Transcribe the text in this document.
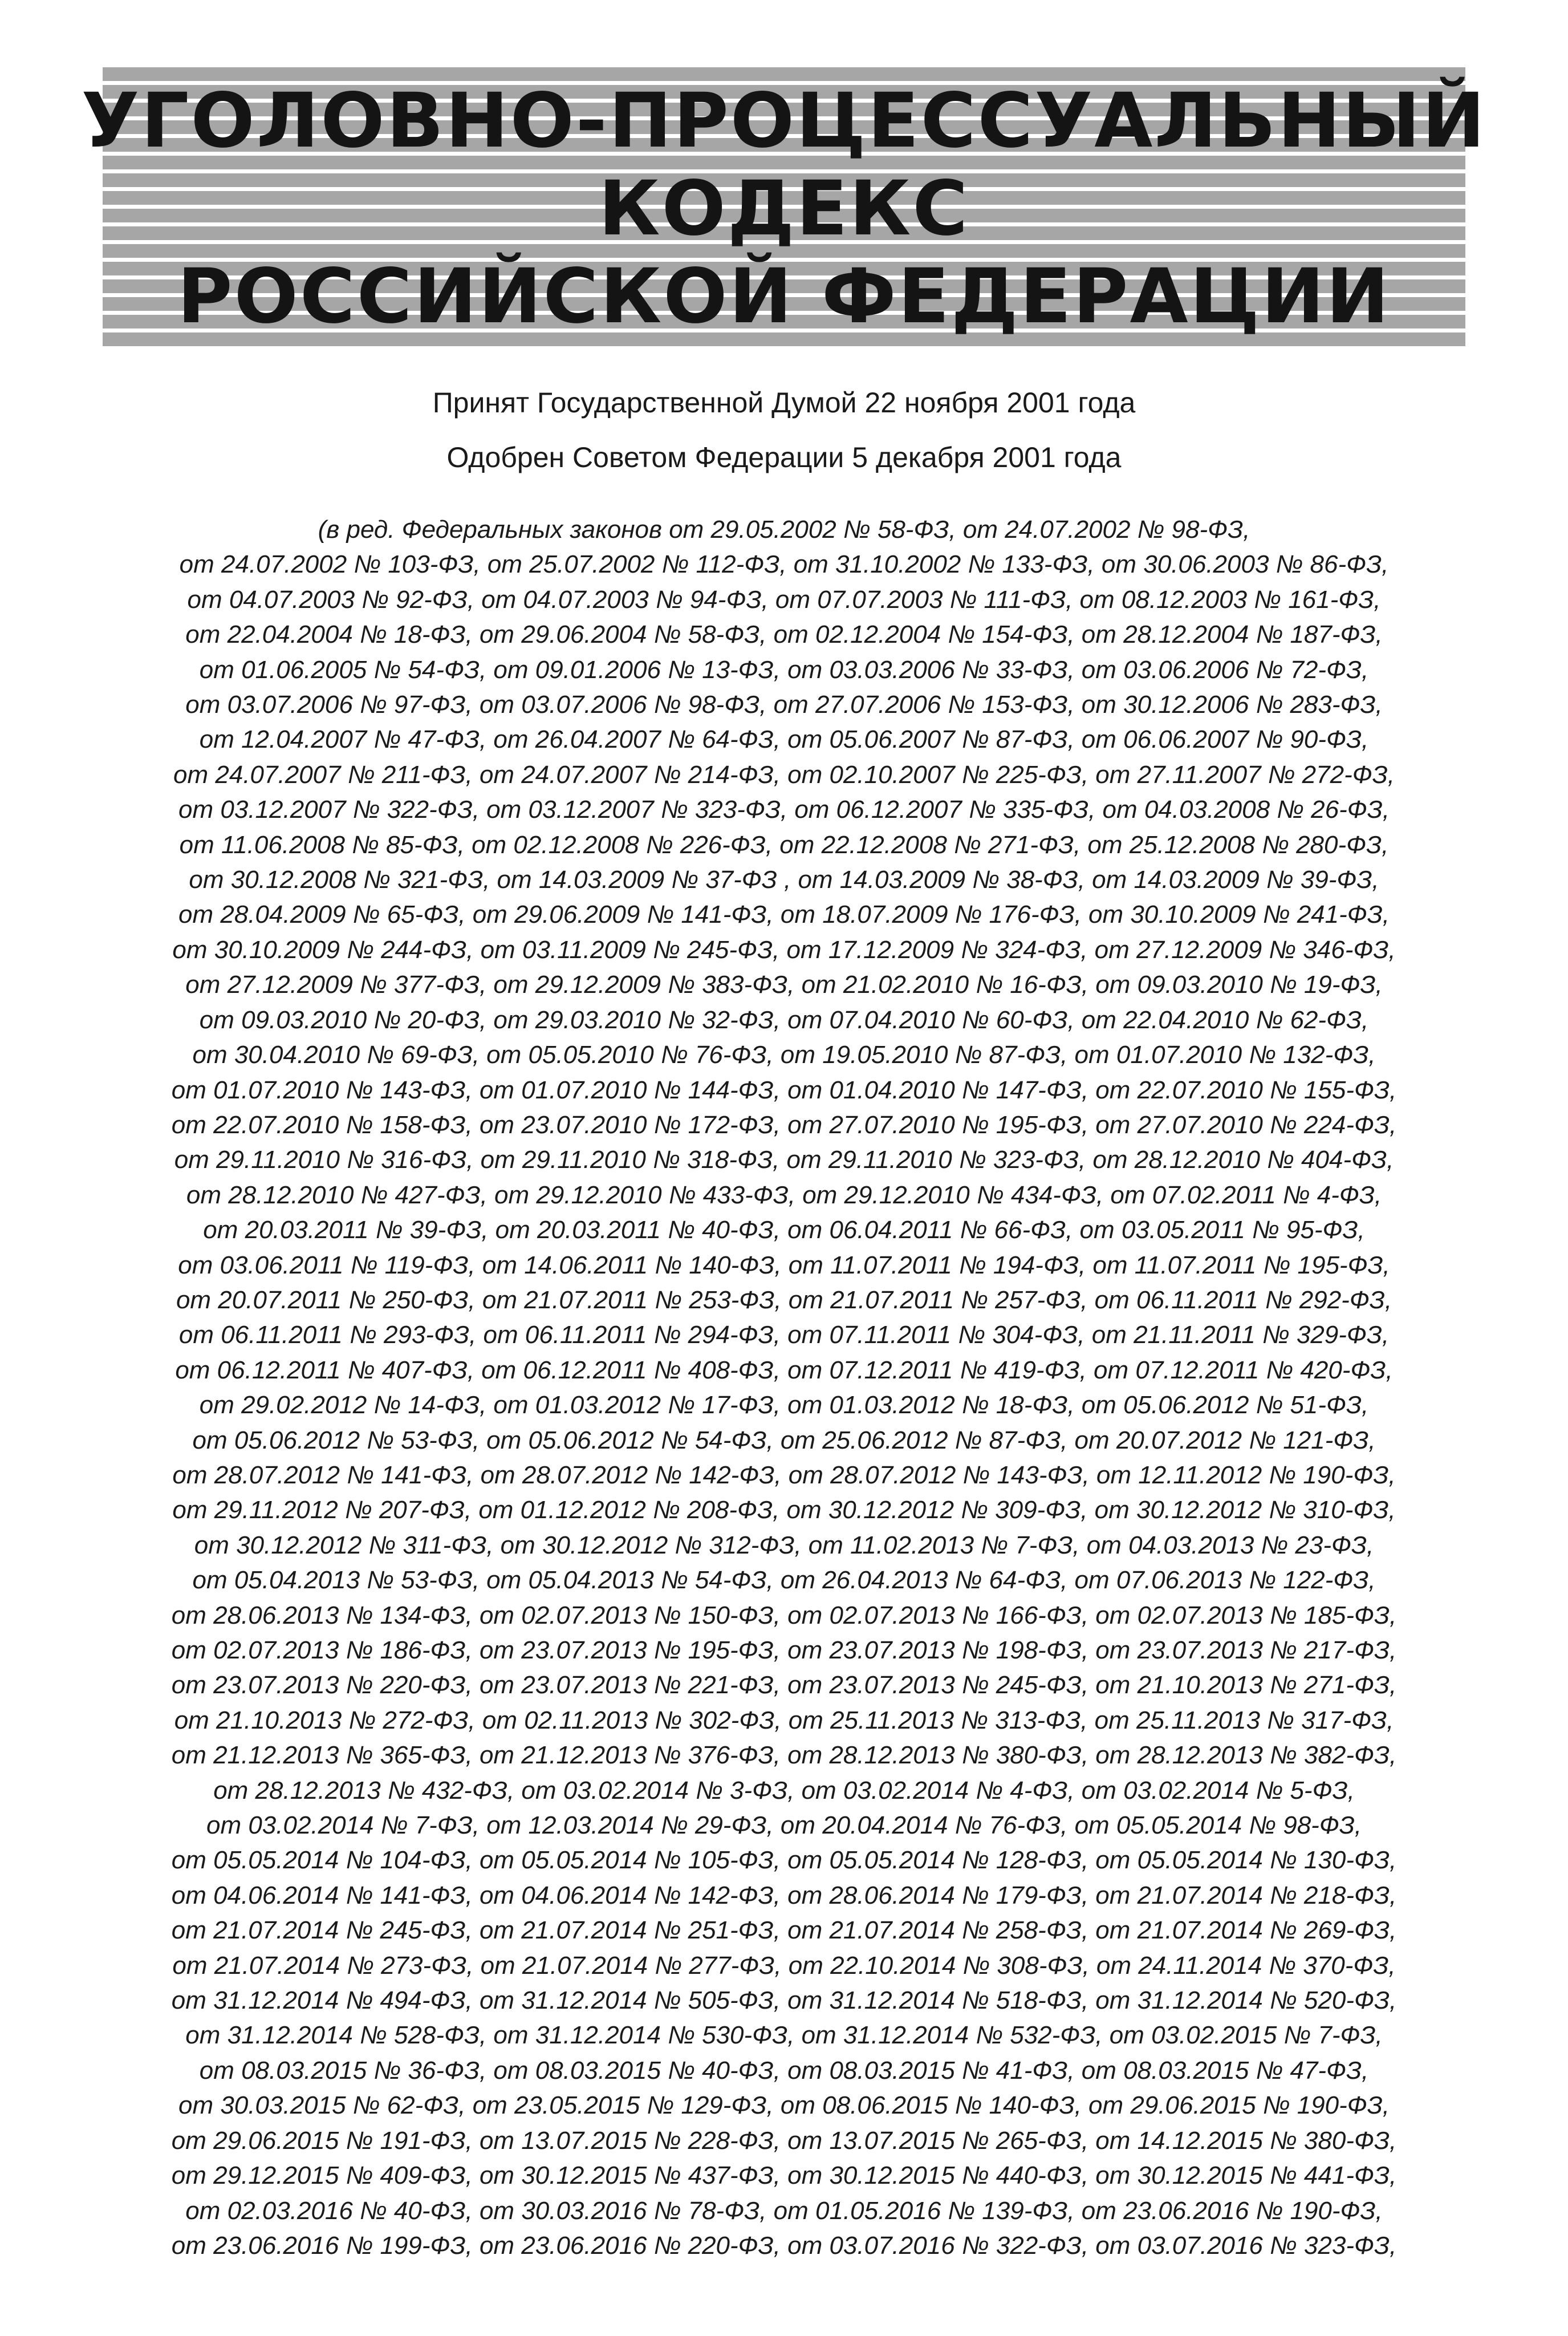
УГОЛОВНО-ПРОЦЕССУАЛЬНЫЙ
КОДЕКС
РОССИЙСКОЙ ФЕДЕРАЦИИ
Принят Государственной Думой 22 ноября 2001 года
Одобрен Советом Федерации 5 декабря 2001 года
(в ред. Федеральных законов от 29.05.2002 № 58-ФЗ, от 24.07.2002 № 98-ФЗ,
от 24.07.2002 № 103-ФЗ, от 25.07.2002 № 112-ФЗ, от 31.10.2002 № 133-ФЗ, от 30.06.2003 № 86-ФЗ,
от 04.07.2003 № 92-ФЗ, от 04.07.2003 № 94-ФЗ, от 07.07.2003 № 111-ФЗ, от 08.12.2003 № 161-ФЗ,
от 22.04.2004 № 18-ФЗ, от 29.06.2004 № 58-ФЗ, от 02.12.2004 № 154-ФЗ, от 28.12.2004 № 187-ФЗ,
от 01.06.2005 № 54-ФЗ, от 09.01.2006 № 13-ФЗ, от 03.03.2006 № 33-ФЗ, от 03.06.2006 № 72-ФЗ,
от 03.07.2006 № 97-ФЗ, от 03.07.2006 № 98-ФЗ, от 27.07.2006 № 153-ФЗ, от 30.12.2006 № 283-ФЗ,
от 12.04.2007 № 47-ФЗ, от 26.04.2007 № 64-ФЗ, от 05.06.2007 № 87-ФЗ, от 06.06.2007 № 90-ФЗ,
от 24.07.2007 № 211-ФЗ, от 24.07.2007 № 214-ФЗ, от 02.10.2007 № 225-ФЗ, от 27.11.2007 № 272-ФЗ,
от 03.12.2007 № 322-ФЗ, от 03.12.2007 № 323-ФЗ, от 06.12.2007 № 335-ФЗ, от 04.03.2008 № 26-ФЗ,
от 11.06.2008 № 85-ФЗ, от 02.12.2008 № 226-ФЗ, от 22.12.2008 № 271-ФЗ, от 25.12.2008 № 280-ФЗ,
от 30.12.2008 № 321-ФЗ, от 14.03.2009 № 37-ФЗ , от 14.03.2009 № 38-ФЗ, от 14.03.2009 № 39-ФЗ,
от 28.04.2009 № 65-ФЗ, от 29.06.2009 № 141-ФЗ, от 18.07.2009 № 176-ФЗ, от 30.10.2009 № 241-ФЗ,
от 30.10.2009 № 244-ФЗ, от 03.11.2009 № 245-ФЗ, от 17.12.2009 № 324-ФЗ, от 27.12.2009 № 346-ФЗ,
от 27.12.2009 № 377-ФЗ, от 29.12.2009 № 383-ФЗ, от 21.02.2010 № 16-ФЗ, от 09.03.2010 № 19-ФЗ,
от 09.03.2010 № 20-ФЗ, от 29.03.2010 № 32-ФЗ, от 07.04.2010 № 60-ФЗ, от 22.04.2010 № 62-ФЗ,
от 30.04.2010 № 69-ФЗ, от 05.05.2010 № 76-ФЗ, от 19.05.2010 № 87-ФЗ, от 01.07.2010 № 132-ФЗ,
от 01.07.2010 № 143-ФЗ, от 01.07.2010 № 144-ФЗ, от 01.04.2010 № 147-ФЗ, от 22.07.2010 № 155-ФЗ,
от 22.07.2010 № 158-ФЗ, от 23.07.2010 № 172-ФЗ, от 27.07.2010 № 195-ФЗ, от 27.07.2010 № 224-ФЗ,
от 29.11.2010 № 316-ФЗ, от 29.11.2010 № 318-ФЗ, от 29.11.2010 № 323-ФЗ, от 28.12.2010 № 404-ФЗ,
от 28.12.2010 № 427-ФЗ, от 29.12.2010 № 433-ФЗ, от 29.12.2010 № 434-ФЗ, от 07.02.2011 № 4-ФЗ,
от 20.03.2011 № 39-ФЗ, от 20.03.2011 № 40-ФЗ, от 06.04.2011 № 66-ФЗ, от 03.05.2011 № 95-ФЗ,
от 03.06.2011 № 119-ФЗ, от 14.06.2011 № 140-ФЗ, от 11.07.2011 № 194-ФЗ, от 11.07.2011 № 195-ФЗ,
от 20.07.2011 № 250-ФЗ, от 21.07.2011 № 253-ФЗ, от 21.07.2011 № 257-ФЗ, от 06.11.2011 № 292-ФЗ,
от 06.11.2011 № 293-ФЗ, от 06.11.2011 № 294-ФЗ, от 07.11.2011 № 304-ФЗ, от 21.11.2011 № 329-ФЗ,
от 06.12.2011 № 407-ФЗ, от 06.12.2011 № 408-ФЗ, от 07.12.2011 № 419-ФЗ, от 07.12.2011 № 420-ФЗ,
от 29.02.2012 № 14-ФЗ, от 01.03.2012 № 17-ФЗ, от 01.03.2012 № 18-ФЗ, от 05.06.2012 № 51-ФЗ,
от 05.06.2012 № 53-ФЗ, от 05.06.2012 № 54-ФЗ, от 25.06.2012 № 87-ФЗ, от 20.07.2012 № 121-ФЗ,
от 28.07.2012 № 141-ФЗ, от 28.07.2012 № 142-ФЗ, от 28.07.2012 № 143-ФЗ, от 12.11.2012 № 190-ФЗ,
от 29.11.2012 № 207-ФЗ, от 01.12.2012 № 208-ФЗ, от 30.12.2012 № 309-ФЗ, от 30.12.2012 № 310-ФЗ,
от 30.12.2012 № 311-ФЗ, от 30.12.2012 № 312-ФЗ, от 11.02.2013 № 7-ФЗ, от 04.03.2013 № 23-ФЗ,
от 05.04.2013 № 53-ФЗ, от 05.04.2013 № 54-ФЗ, от 26.04.2013 № 64-ФЗ, от 07.06.2013 № 122-ФЗ,
от 28.06.2013 № 134-ФЗ, от 02.07.2013 № 150-ФЗ, от 02.07.2013 № 166-ФЗ, от 02.07.2013 № 185-ФЗ,
от 02.07.2013 № 186-ФЗ, от 23.07.2013 № 195-ФЗ, от 23.07.2013 № 198-ФЗ, от 23.07.2013 № 217-ФЗ,
от 23.07.2013 № 220-ФЗ, от 23.07.2013 № 221-ФЗ, от 23.07.2013 № 245-ФЗ, от 21.10.2013 № 271-ФЗ,
от 21.10.2013 № 272-ФЗ, от 02.11.2013 № 302-ФЗ, от 25.11.2013 № 313-ФЗ, от 25.11.2013 № 317-ФЗ,
от 21.12.2013 № 365-ФЗ, от 21.12.2013 № 376-ФЗ, от 28.12.2013 № 380-ФЗ, от 28.12.2013 № 382-ФЗ,
от 28.12.2013 № 432-ФЗ, от 03.02.2014 № 3-ФЗ, от 03.02.2014 № 4-ФЗ, от 03.02.2014 № 5-ФЗ,
от 03.02.2014 № 7-ФЗ, от 12.03.2014 № 29-ФЗ, от 20.04.2014 № 76-ФЗ, от 05.05.2014 № 98-ФЗ,
от 05.05.2014 № 104-ФЗ, от 05.05.2014 № 105-ФЗ, от 05.05.2014 № 128-ФЗ, от 05.05.2014 № 130-ФЗ,
от 04.06.2014 № 141-ФЗ, от 04.06.2014 № 142-ФЗ, от 28.06.2014 № 179-ФЗ, от 21.07.2014 № 218-ФЗ,
от 21.07.2014 № 245-ФЗ, от 21.07.2014 № 251-ФЗ, от 21.07.2014 № 258-ФЗ, от 21.07.2014 № 269-ФЗ,
от 21.07.2014 № 273-ФЗ, от 21.07.2014 № 277-ФЗ, от 22.10.2014 № 308-ФЗ, от 24.11.2014 № 370-ФЗ,
от 31.12.2014 № 494-ФЗ, от 31.12.2014 № 505-ФЗ, от 31.12.2014 № 518-ФЗ, от 31.12.2014 № 520-ФЗ,
от 31.12.2014 № 528-ФЗ, от 31.12.2014 № 530-ФЗ, от 31.12.2014 № 532-ФЗ, от 03.02.2015 № 7-ФЗ,
от 08.03.2015 № 36-ФЗ, от 08.03.2015 № 40-ФЗ, от 08.03.2015 № 41-ФЗ, от 08.03.2015 № 47-ФЗ,
от 30.03.2015 № 62-ФЗ, от 23.05.2015 № 129-ФЗ, от 08.06.2015 № 140-ФЗ, от 29.06.2015 № 190-ФЗ,
от 29.06.2015 № 191-ФЗ, от 13.07.2015 № 228-ФЗ, от 13.07.2015 № 265-ФЗ, от 14.12.2015 № 380-ФЗ,
от 29.12.2015 № 409-ФЗ, от 30.12.2015 № 437-ФЗ, от 30.12.2015 № 440-ФЗ, от 30.12.2015 № 441-ФЗ,
от 02.03.2016 № 40-ФЗ, от 30.03.2016 № 78-ФЗ, от 01.05.2016 № 139-ФЗ, от 23.06.2016 № 190-ФЗ,
от 23.06.2016 № 199-ФЗ, от 23.06.2016 № 220-ФЗ, от 03.07.2016 № 322-ФЗ, от 03.07.2016 № 323-ФЗ,
